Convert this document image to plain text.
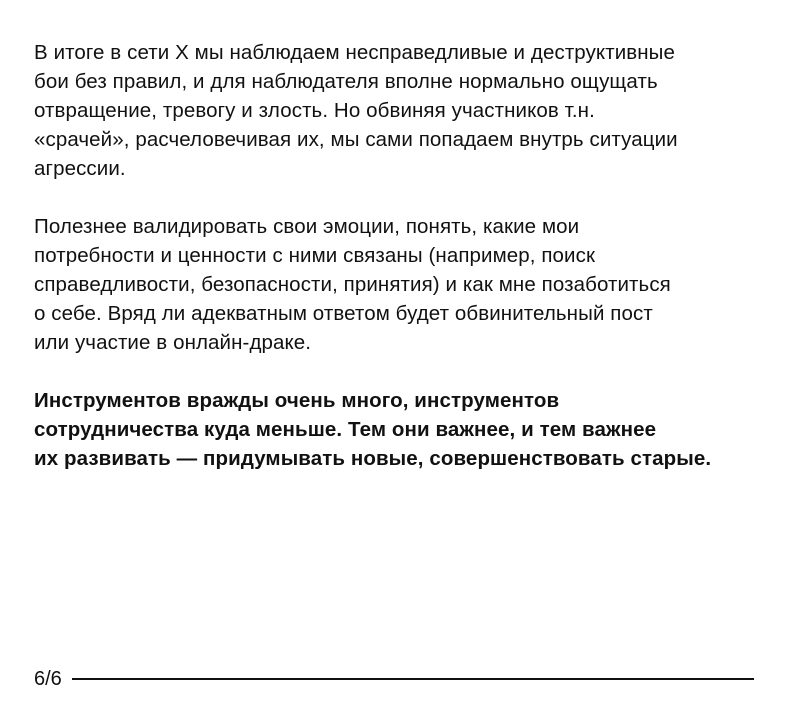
В итоге в сети X мы наблюдаем несправедливые и деструктивные
бои без правил, и для наблюдателя вполне нормально ощущать
отвращение, тревогу и злость. Но обвиняя участников т.н.
«срачей», расчеловечивая их, мы сами попадаем внутрь ситуации
агрессии.

Полезнее валидировать свои эмоции, понять, какие мои
потребности и ценности с ними связаны (например, поиск
справедливости, безопасности, принятия) и как мне позаботиться
о себе. Вряд ли адекватным ответом будет обвинительный пост
или участие в онлайн-драке.

Инструментов вражды очень много, инструментов
сотрудничества куда меньше. Тем они важнее, и тем важнее
их развивать — придумывать новые, совершенствовать старые.

6/6
